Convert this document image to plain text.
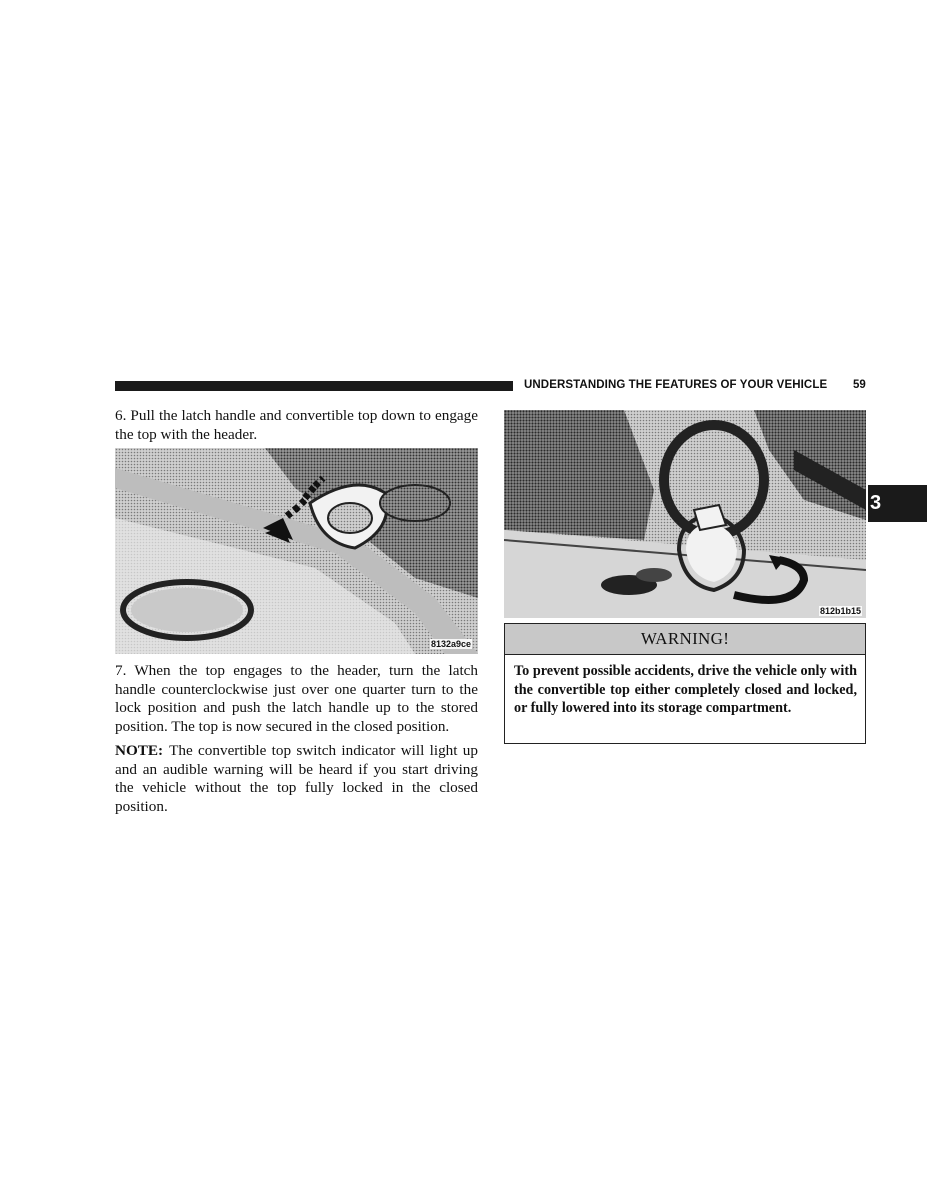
UNDERSTANDING THE FEATURES OF YOUR VEHICLE 59
3

6. Pull the latch handle and convertible top down to engage the top with the header.

8132a9ce

7. When the top engages to the header, turn the latch handle counterclockwise just over one quarter turn to the lock position and push the latch handle up to the stored position. The top is now secured in the closed position.

NOTE: The convertible top switch indicator will light up and an audible warning will be heard if you start driving the vehicle without the top fully locked in the closed position.

812b1b15
WARNING!
To prevent possible accidents, drive the vehicle only with the convertible top either completely closed and locked, or fully lowered into its storage compartment.
